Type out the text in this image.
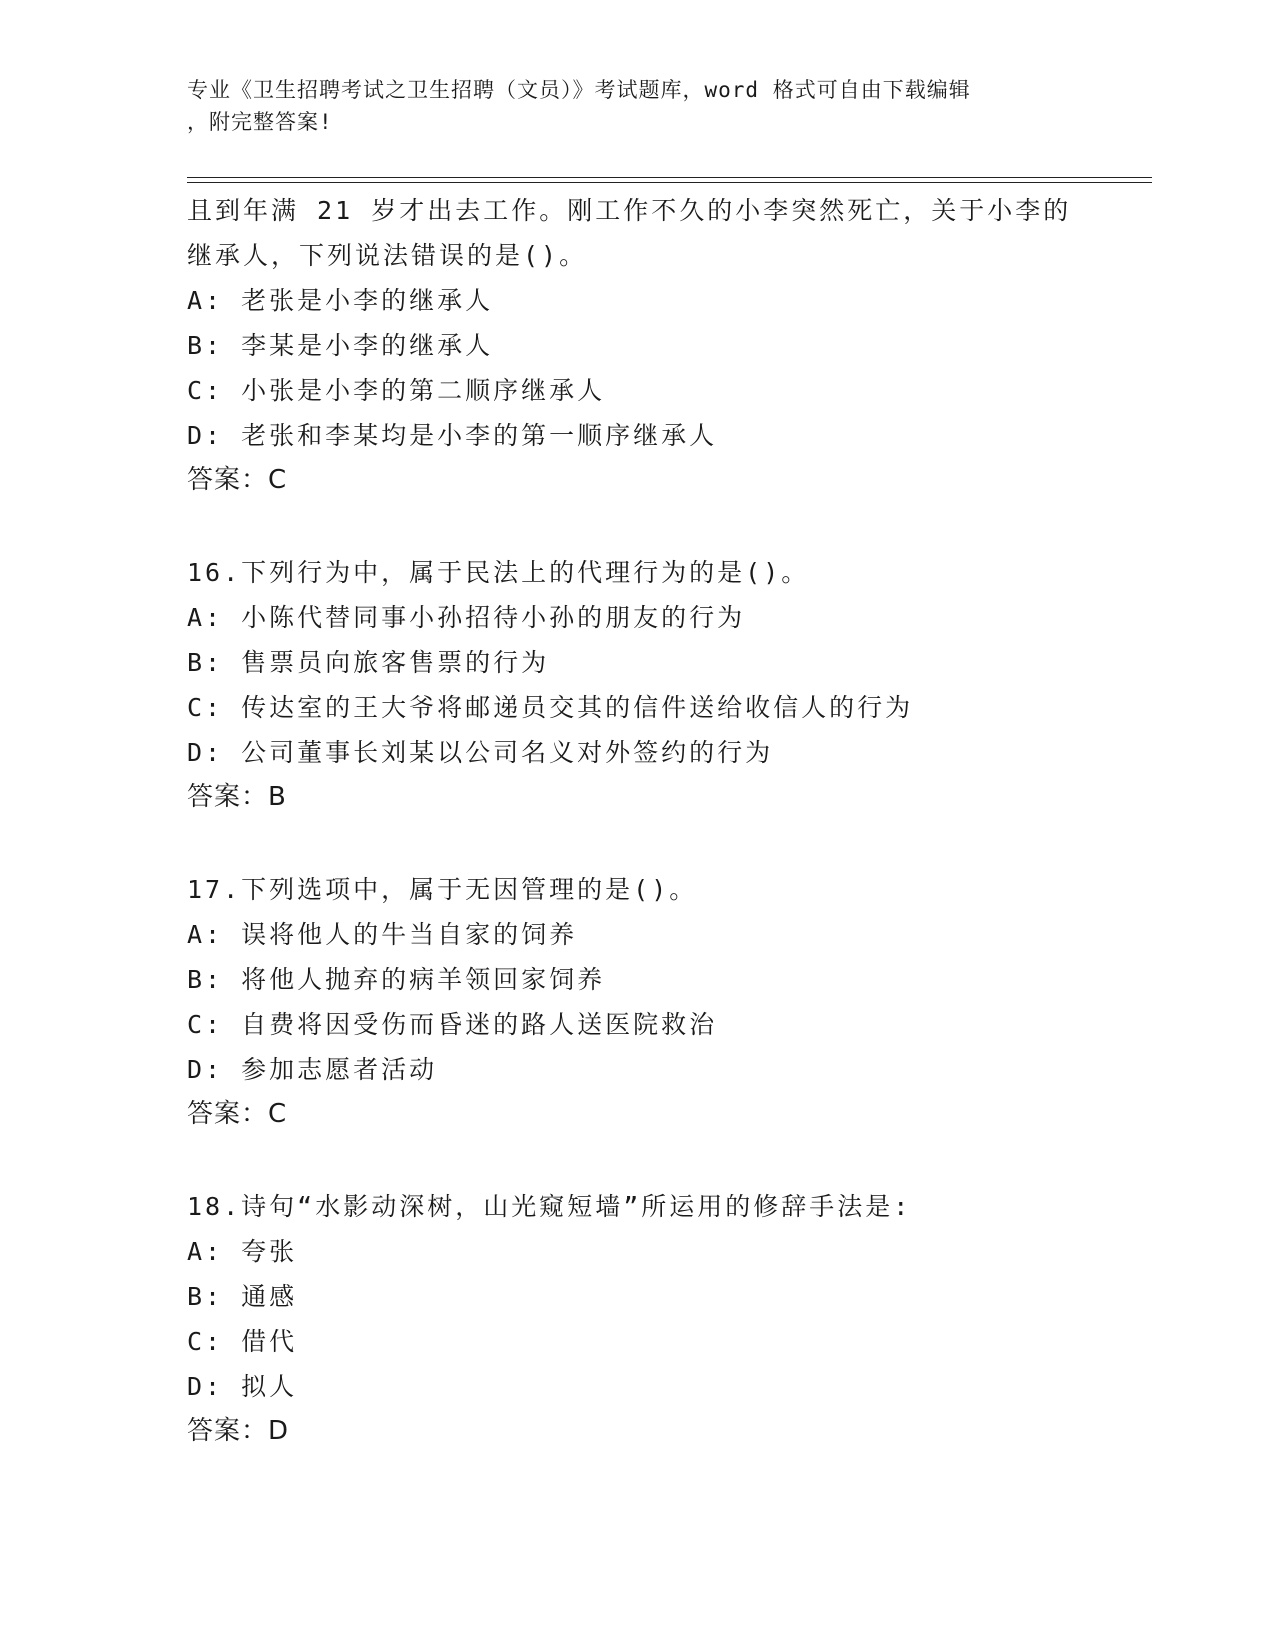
专业《卫生招聘考试之卫生招聘（文员）》考试题库，word 格式可自由下载编辑
，附完整答案!
且到年满 21 岁才出去工作。刚工作不久的小李突然死亡，关于小李的
继承人，下列说法错误的是()。
A: 老张是小李的继承人
B: 李某是小李的继承人
C: 小张是小李的第二顺序继承人
D: 老张和李某均是小李的第一顺序继承人
答案：C
16.下列行为中，属于民法上的代理行为的是()。
A: 小陈代替同事小孙招待小孙的朋友的行为
B: 售票员向旅客售票的行为
C: 传达室的王大爷将邮递员交其的信件送给收信人的行为
D: 公司董事长刘某以公司名义对外签约的行为
答案：B
17.下列选项中，属于无因管理的是()。
A: 误将他人的牛当自家的饲养
B: 将他人抛弃的病羊领回家饲养
C: 自费将因受伤而昏迷的路人送医院救治
D: 参加志愿者活动
答案：C
18.诗句“水影动深树，山光窥短墙”所运用的修辞手法是:
A: 夸张
B: 通感
C: 借代
D: 拟人
答案：D
